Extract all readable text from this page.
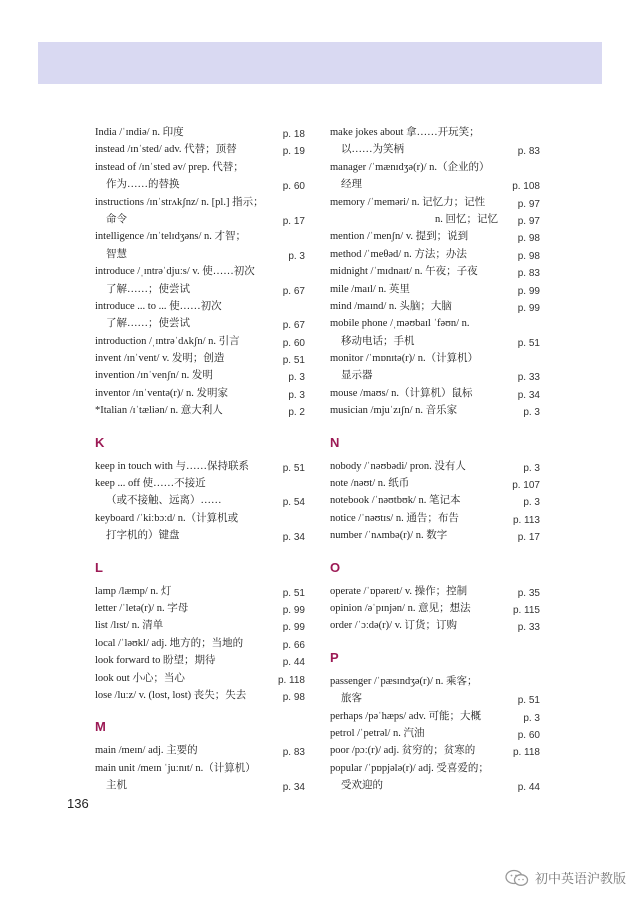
India /ˈɪndiə/ n. 印度	p. 18
instead /ɪnˈsted/ adv. 代替；顶替	p. 19
instead of /ɪnˈsted əv/ prep. 代替；
作为……的替换	p. 60
instructions /ɪnˈstrʌkʃnz/ n. [pl.] 指示；
命令	p. 17
intelligence /ɪnˈtelɪdʒəns/ n. 才智；
智慧	p. 3
introduce /ˌɪntrəˈdjuːs/ v. 使……初次
了解……；使尝试	p. 67
introduce ... to ... 使……初次
了解……；使尝试	p. 67
introduction /ˌɪntrəˈdʌkʃn/ n. 引言	p. 60
invent /ɪnˈvent/ v. 发明；创造	p. 51
invention /ɪnˈvenʃn/ n. 发明	p. 3
inventor /ɪnˈventə(r)/ n. 发明家	p. 3
*Italian /ɪˈtæliən/ n. 意大利人	p. 2
K
keep in touch with 与……保持联系	p. 51
keep ... off 使……不接近
（或不接触、远离）……	p. 54
keyboard /ˈkiːbɔːd/ n.（计算机或
打字机的）键盘	p. 34
L
lamp /læmp/ n. 灯	p. 51
letter /ˈletə(r)/ n. 字母	p. 99
list /lɪst/ n. 清单	p. 99
local /ˈləʊkl/ adj. 地方的；当地的	p. 66
look forward to 盼望；期待	p. 44
look out 小心；当心	p. 118
lose /luːz/ v. (lost, lost) 丧失；失去	p. 98
M
main /meɪn/ adj. 主要的	p. 83
main unit /meɪn ˈjuːnɪt/ n.（计算机）
主机	p. 34
make jokes about 拿……开玩笑；
以……为笑柄	p. 83
manager /ˈmænɪdʒə(r)/ n.（企业的）
经理	p. 108
memory /ˈmeməri/ n. 记忆力；记性	p. 97
n. 回忆；记忆	p. 97
mention /ˈmenʃn/ v. 提到；说到	p. 98
method /ˈmeθəd/ n. 方法；办法	p. 98
midnight /ˈmɪdnaɪt/ n. 午夜；子夜	p. 83
mile /maɪl/ n. 英里	p. 99
mind /maɪnd/ n. 头脑；大脑	p. 99
mobile phone /ˌməʊbaɪl ˈfəʊn/ n.
移动电话；手机	p. 51
monitor /ˈmɒnɪtə(r)/ n.（计算机）
显示器	p. 33
mouse /maʊs/ n.（计算机）鼠标	p. 34
musician /mjuˈzɪʃn/ n. 音乐家	p. 3
N
nobody /ˈnəʊbədi/ pron. 没有人	p. 3
note /nəʊt/ n. 纸币	p. 107
notebook /ˈnəʊtbʊk/ n. 笔记本	p. 3
notice /ˈnəʊtɪs/ n. 通告；布告	p. 113
number /ˈnʌmbə(r)/ n. 数字	p. 17
O
operate /ˈɒpəreɪt/ v. 操作；控制	p. 35
opinion /əˈpɪnjən/ n. 意见；想法	p. 115
order /ˈɔːdə(r)/ v. 订货；订购	p. 33
P
passenger /ˈpæsɪndʒə(r)/ n. 乘客；
旅客	p. 51
perhaps /pəˈhæps/ adv. 可能；大概	p. 3
petrol /ˈpetrəl/ n. 汽油	p. 60
poor /pɔː(r)/ adj. 贫穷的；贫寒的	p. 118
popular /ˈpɒpjələ(r)/ adj. 受喜爱的；
受欢迎的	p. 44
136
初中英语沪教版
